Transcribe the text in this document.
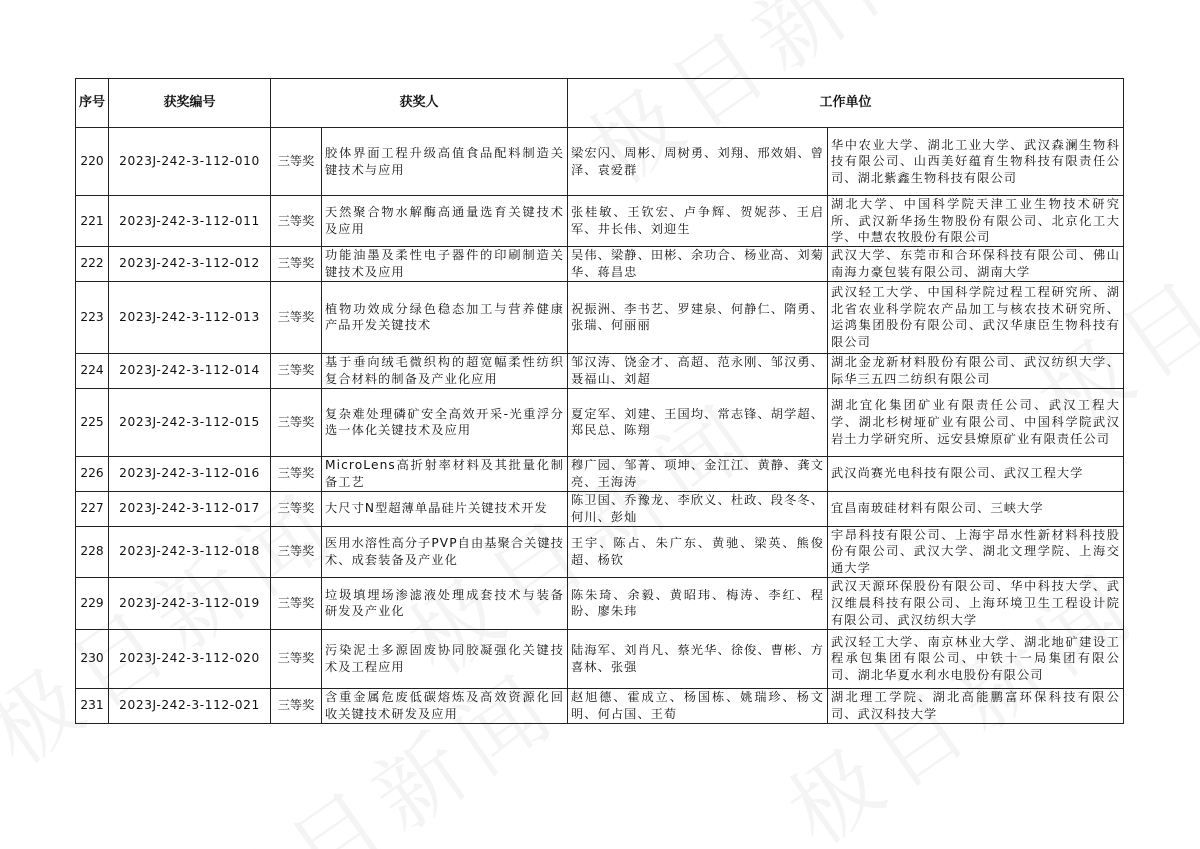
序号	获奖编号	获奖人		工作单位	
220	2023J-242-3-112-010	三等奖	胶体界面工程升级高值食品配料制造关键技术与应用	梁宏闪、周彬、周树勇、刘翔、邢效娟、曾泽、袁爱群	华中农业大学、湖北工业大学、武汉森澜生物科技有限公司、山西美好蕴育生物科技有限责任公司、湖北紫鑫生物科技有限公司
221	2023J-242-3-112-011	三等奖	天然聚合物水解酶高通量选育关键技术及应用	张桂敏、王钦宏、卢争辉、贺妮莎、王启军、井长伟、刘迎生	湖北大学、中国科学院天津工业生物技术研究所、武汉新华扬生物股份有限公司、北京化工大学、中慧农牧股份有限公司
222	2023J-242-3-112-012	三等奖	功能油墨及柔性电子器件的印刷制造关键技术及应用	吴伟、梁静、田彬、余功合、杨业高、刘菊华、蒋昌忠	武汉大学、东莞市和合环保科技有限公司、佛山南海力豪包装有限公司、湖南大学
223	2023J-242-3-112-013	三等奖	植物功效成分绿色稳态加工与营养健康产品开发关键技术	祝振洲、李书艺、罗建泉、何静仁、隋勇、张瑞、何丽丽	武汉轻工大学、中国科学院过程工程研究所、湖北省农业科学院农产品加工与核农技术研究所、运鸿集团股份有限公司、武汉华康臣生物科技有限公司
224	2023J-242-3-112-014	三等奖	基于垂向绒毛微织构的超宽幅柔性纺织复合材料的制备及产业化应用	邹汉涛、饶金才、高超、范永刚、邹汉勇、聂福山、刘超	湖北金龙新材料股份有限公司、武汉纺织大学、际华三五四二纺织有限公司
225	2023J-242-3-112-015	三等奖	复杂难处理磷矿安全高效开采-光重浮分选一体化关键技术及应用	夏定军、刘建、王国均、常志锋、胡学超、郑民总、陈翔	湖北宜化集团矿业有限责任公司、武汉工程大学、湖北杉树垭矿业有限公司、中国科学院武汉岩土力学研究所、远安县燎原矿业有限责任公司
226	2023J-242-3-112-016	三等奖	MicroLens高折射率材料及其批量化制备工艺	穆广园、邹菁、项坤、金江江、黄静、龚文亮、王海涛	武汉尚赛光电科技有限公司、武汉工程大学
227	2023J-242-3-112-017	三等奖	大尺寸N型超薄单晶硅片关键技术开发	陈卫国、乔豫龙、李欣义、杜政、段冬冬、何川、彭灿	宜昌南玻硅材料有限公司、三峡大学
228	2023J-242-3-112-018	三等奖	医用水溶性高分子PVP自由基聚合关键技术、成套装备及产业化	王宇、陈占、朱广东、黄驰、梁英、熊俊超、杨钦	宇昂科技有限公司、上海宇昂水性新材料科技股份有限公司、武汉大学、湖北文理学院、上海交通大学
229	2023J-242-3-112-019	三等奖	垃圾填埋场渗滤液处理成套技术与装备研发及产业化	陈朱琦、余毅、黄昭玮、梅涛、李红、程盼、廖朱玮	武汉天源环保股份有限公司、华中科技大学、武汉维晨科技有限公司、上海环境卫生工程设计院有限公司、武汉纺织大学
230	2023J-242-3-112-020	三等奖	污染泥土多源固废协同胶凝强化关键技术及工程应用	陆海军、刘肖凡、蔡光华、徐俊、曹彬、方喜林、张强	武汉轻工大学、南京林业大学、湖北地矿建设工程承包集团有限公司、中铁十一局集团有限公司、湖北华夏水利水电股份有限公司
231	2023J-242-3-112-021	三等奖	含重金属危废低碳熔炼及高效资源化回收关键技术研发及应用	赵旭德、霍成立、杨国栋、姚瑞珍、杨文明、何占国、王荀	湖北理工学院、湖北高能鹏富环保科技有限公司、武汉科技大学
